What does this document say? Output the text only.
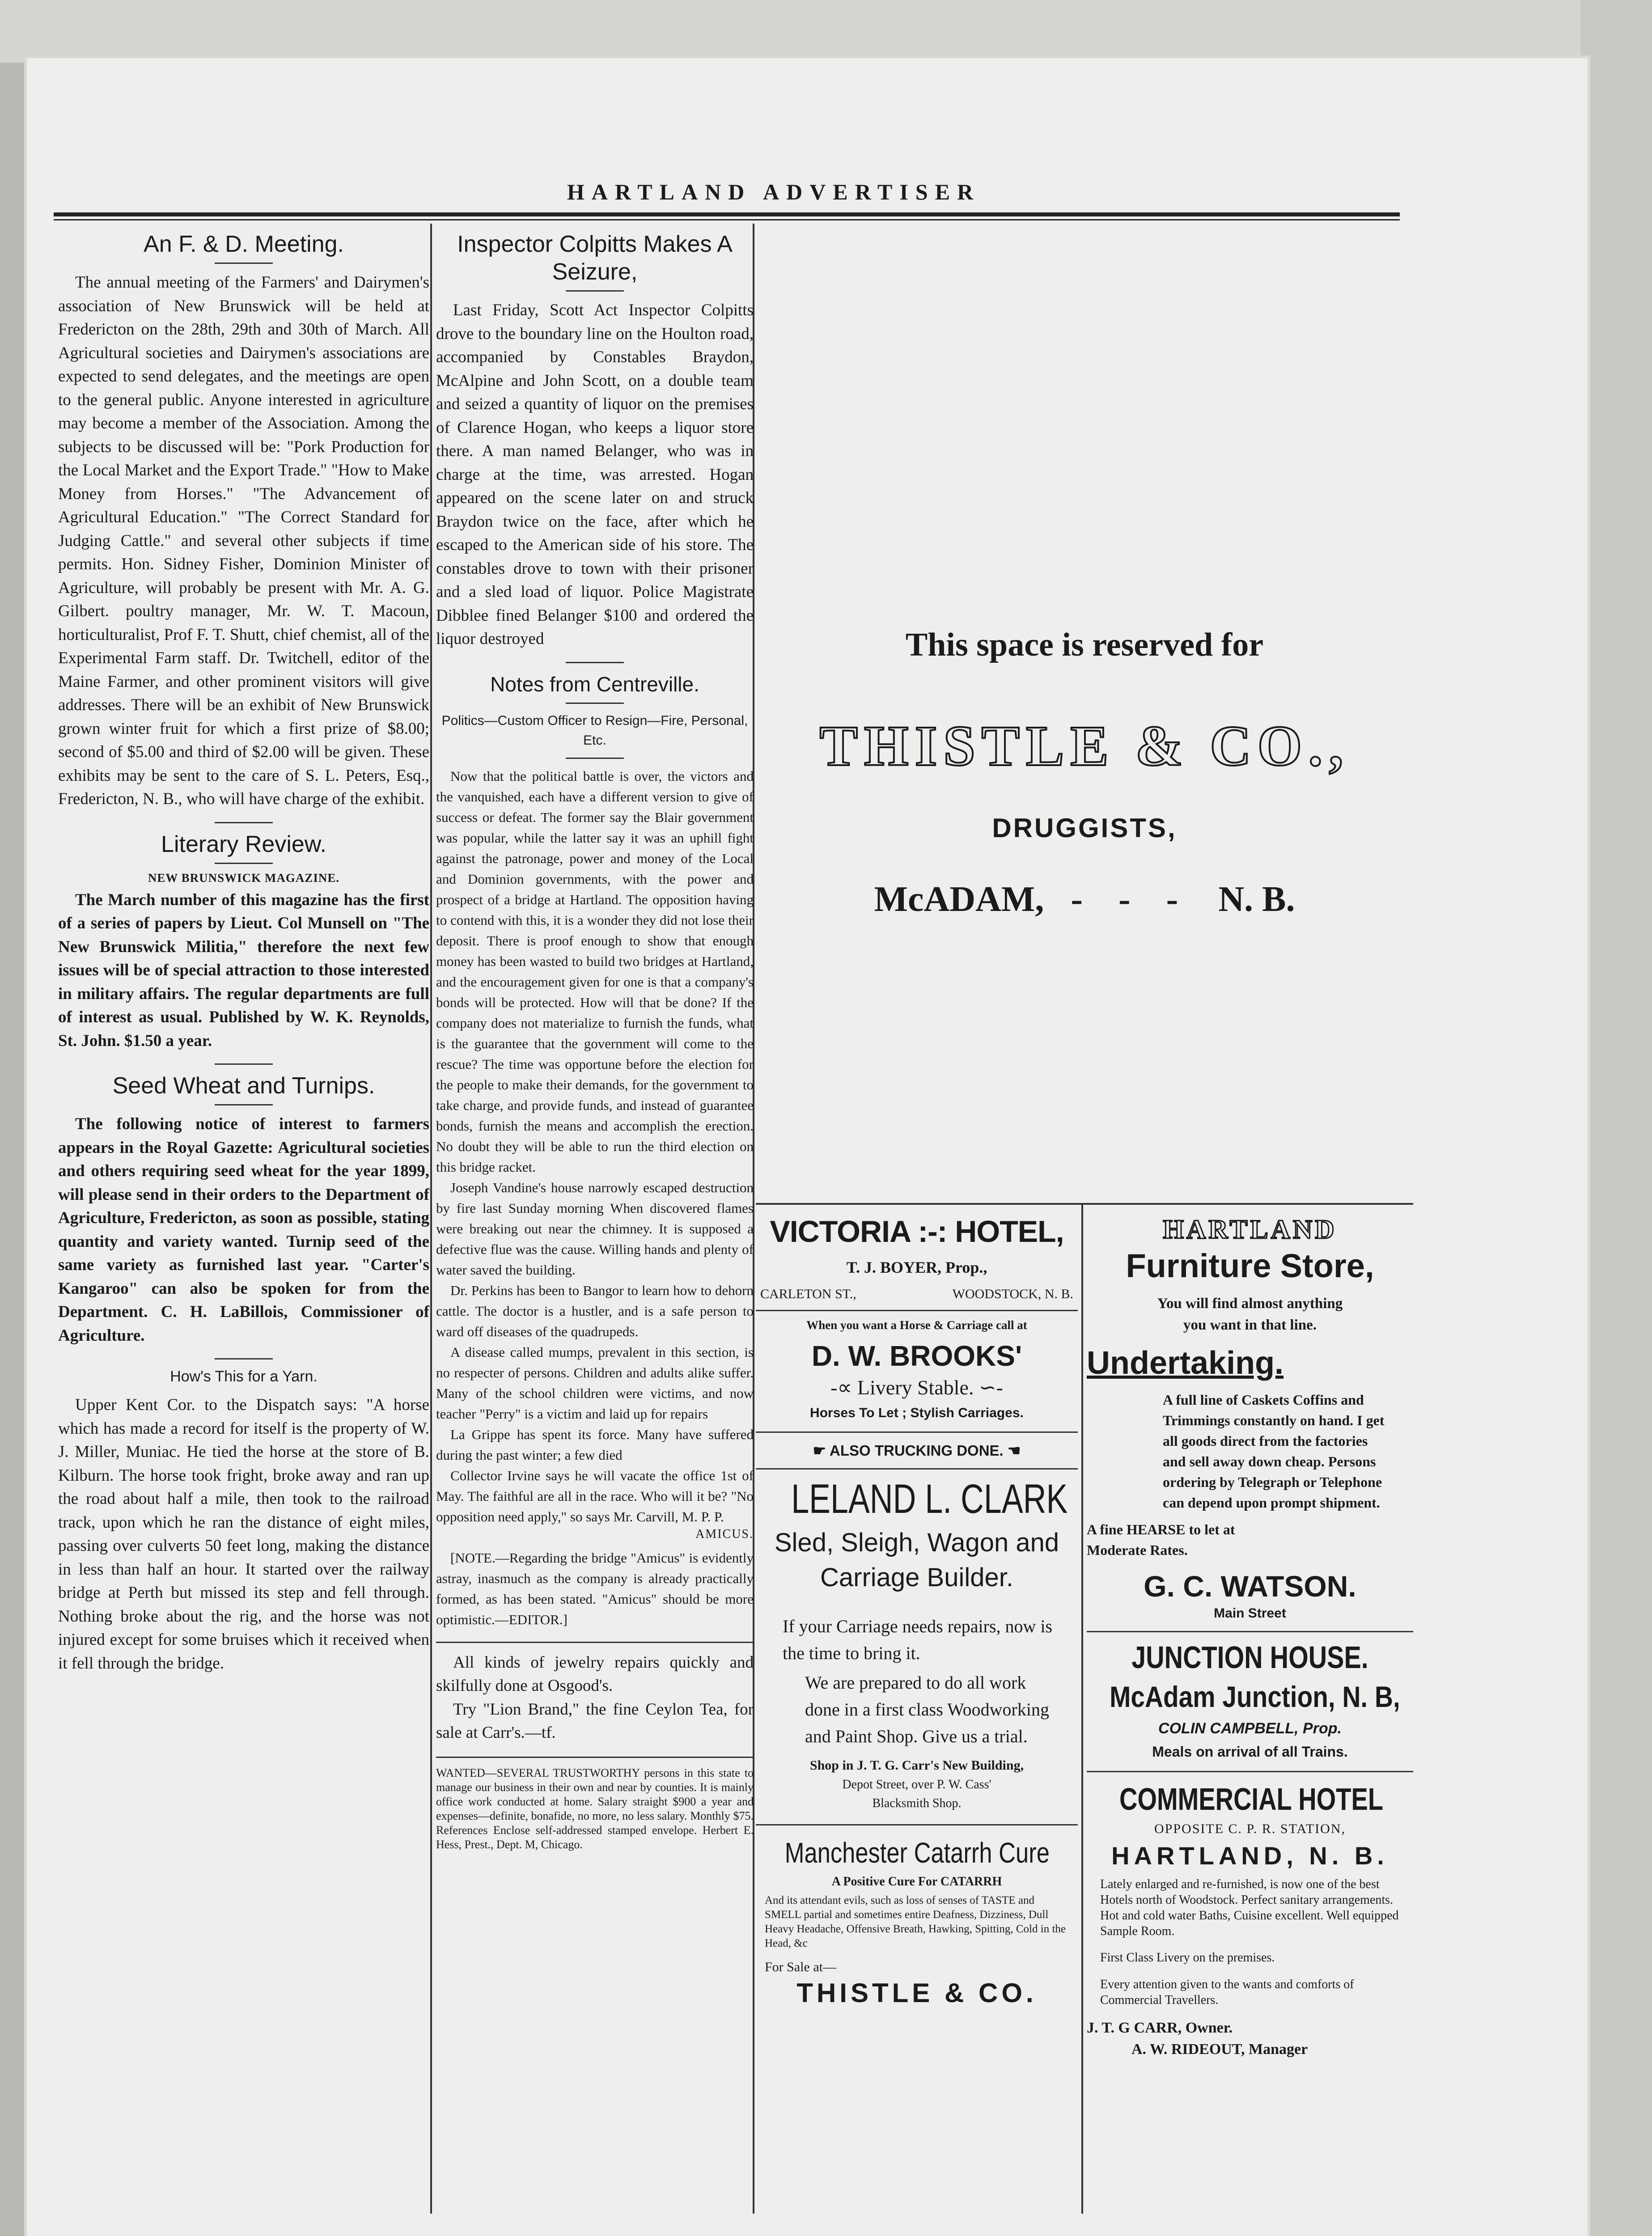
HARTLAND ADVERTISER
An F. & D. Meeting.

The annual meeting of the Farmers' and Dairymen's association of New Brunswick will be held at Fredericton on the 28th, 29th and 30th of March. All Agricultural societies and Dairymen's associations are expected to send delegates, and the meetings are open to the general public. Anyone interested in agriculture may become a member of the Association. Among the subjects to be discussed will be: "Pork Production for the Local Market and the Export Trade." "How to Make Money from Horses." "The Advancement of Agricultural Education." "The Correct Standard for Judging Cattle." and several other subjects if time permits. Hon. Sidney Fisher, Dominion Minister of Agriculture, will probably be present with Mr. A. G. Gilbert. poultry manager, Mr. W. T. Macoun, horticulturalist, Prof F. T. Shutt, chief chemist, all of the Experimental Farm staff. Dr. Twitchell, editor of the Maine Farmer, and other prominent visitors will give addresses. There will be an exhibit of New Brunswick grown winter fruit for which a first prize of $8.00; second of $5.00 and third of $2.00 will be given. These exhibits may be sent to the care of S. L. Peters, Esq., Fredericton, N. B., who will have charge of the exhibit.

Literary Review.
NEW BRUNSWICK MAGAZINE.

The March number of this magazine has the first of a series of papers by Lieut. Col Munsell on "The New Brunswick Militia," therefore the next few issues will be of special attraction to those interested in military affairs. The regular departments are full of interest as usual. Published by W. K. Reynolds, St. John. $1.50 a year.

Seed Wheat and Turnips.

The following notice of interest to farmers appears in the Royal Gazette: Agricultural societies and others requiring seed wheat for the year 1899, will please send in their orders to the Department of Agriculture, Fredericton, as soon as possible, stating quantity and variety wanted. Turnip seed of the same variety as furnished last year. "Carter's Kangaroo" can also be spoken for from the Department. C. H. LaBillois, Commissioner of Agriculture.

How's This for a Yarn.

Upper Kent Cor. to the Dispatch says: "A horse which has made a record for itself is the property of W. J. Miller, Muniac. He tied the horse at the store of B. Kilburn. The horse took fright, broke away and ran up the road about half a mile, then took to the railroad track, upon which he ran the distance of eight miles, passing over culverts 50 feet long, making the distance in less than half an hour. It started over the railway bridge at Perth but missed its step and fell through. Nothing broke about the rig, and the horse was not injured except for some bruises which it received when it fell through the bridge.

Inspector Colpitts Makes A Seizure,

Last Friday, Scott Act Inspector Colpitts drove to the boundary line on the Houlton road, accompanied by Constables Braydon, McAlpine and John Scott, on a double team and seized a quantity of liquor on the premises of Clarence Hogan, who keeps a liquor store there. A man named Belanger, who was in charge at the time, was arrested. Hogan appeared on the scene later on and struck Braydon twice on the face, after which he escaped to the American side of his store. The constables drove to town with their prisoner and a sled load of liquor. Police Magistrate Dibblee fined Belanger $100 and ordered the liquor destroyed

Notes from Centreville.
Politics—Custom Officer to Resign—Fire, Personal, Etc.

Now that the political battle is over, the victors and the vanquished, each have a different version to give of success or defeat. The former say the Blair government was popular, while the latter say it was an uphill fight against the patronage, power and money of the Local and Dominion governments, with the power and prospect of a bridge at Hartland. The opposition having to contend with this, it is a wonder they did not lose their deposit. There is proof enough to show that enough money has been wasted to build two bridges at Hartland, and the encouragement given for one is that a company's bonds will be protected. How will that be done? If the company does not materialize to furnish the funds, what is the guarantee that the government will come to the rescue? The time was opportune before the election for the people to make their demands, for the government to take charge, and provide funds, and instead of guarantee bonds, furnish the means and accomplish the erection. No doubt they will be able to run the third election on this bridge racket.

Joseph Vandine's house narrowly escaped destruction by fire last Sunday morning When discovered flames were breaking out near the chimney. It is supposed a defective flue was the cause. Willing hands and plenty of water saved the building.

Dr. Perkins has been to Bangor to learn how to dehorn cattle. The doctor is a hustler, and is a safe person to ward off diseases of the quadrupeds.

A disease called mumps, prevalent in this section, is no respecter of persons. Children and adults alike suffer. Many of the school children were victims, and now teacher "Perry" is a victim and laid up for repairs

La Grippe has spent its force. Many have suffered during the past winter; a few died

Collector Irvine says he will vacate the office 1st of May. The faithful are all in the race. Who will it be? "No opposition need apply," so says Mr. Carvill, M. P. P.

AMICUS.

[NOTE.—Regarding the bridge "Amicus" is evidently astray, inasmuch as the company is already practically formed, as has been stated. "Amicus" should be more optimistic.—EDITOR.]

All kinds of jewelry repairs quickly and skilfully done at Osgood's.

Try "Lion Brand," the fine Ceylon Tea, for sale at Carr's.—tf.

WANTED—SEVERAL TRUSTWORTHY persons in this state to manage our business in their own and near by counties. It is mainly office work conducted at home. Salary straight $900 a year and expenses—definite, bonafide, no more, no less salary. Monthly $75. References Enclose self-addressed stamped envelope. Herbert E. Hess, Prest., Dept. M, Chicago.

This space is reserved for
THISTLE & CO.,
DRUGGISTS,
McADAM, - - - N. B.
VICTORIA :-: HOTEL,
T. J. BOYER, Prop.,
CARLETON ST.,	WOODSTOCK, N. B.
When you want a Horse & Carriage call at
D. W. BROOKS'
-∝ Livery Stable. ∽-
Horses To Let ; Stylish Carriages.
☛ ALSO TRUCKING DONE. ☚
LELAND L. CLARK
Sled, Sleigh, Wagon and Carriage Builder.

If your Carriage needs repairs, now is the time to bring it.

We are prepared to do all work done in a first class Woodworking and Paint Shop. Give us a trial.

Shop in J. T. G. Carr's New Building,
Depot Street, over P. W. Cass'
Blacksmith Shop.
Manchester Catarrh Cure
A Positive Cure For CATARRH

And its attendant evils, such as loss of senses of TASTE and SMELL partial and sometimes entire Deafness, Dizziness, Dull Heavy Headache, Offensive Breath, Hawking, Spitting, Cold in the Head, &c

For Sale at—
THISTLE & CO.
HARTLAND
Furniture Store,

You will find almost anything you want in that line.

Undertaking.

A full line of Caskets Coffins and Trimmings constantly on hand. I get all goods direct from the factories and sell away down cheap. Persons ordering by Telegraph or Telephone can depend upon prompt shipment.

A fine HEARSE to let at Moderate Rates.

G. C. WATSON.
Main Street
JUNCTION HOUSE.
McAdam Junction, N. B,
COLIN CAMPBELL, Prop.
Meals on arrival of all Trains.
COMMERCIAL HOTEL
OPPOSITE C. P. R. STATION,
HARTLAND, N. B.

Lately enlarged and re-furnished, is now one of the best Hotels north of Woodstock. Perfect sanitary arrangements. Hot and cold water Baths, Cuisine excellent. Well equipped Sample Room.

First Class Livery on the premises.

Every attention given to the wants and comforts of Commercial Travellers.

J. T. G CARR, Owner.
A. W. RIDEOUT, Manager
